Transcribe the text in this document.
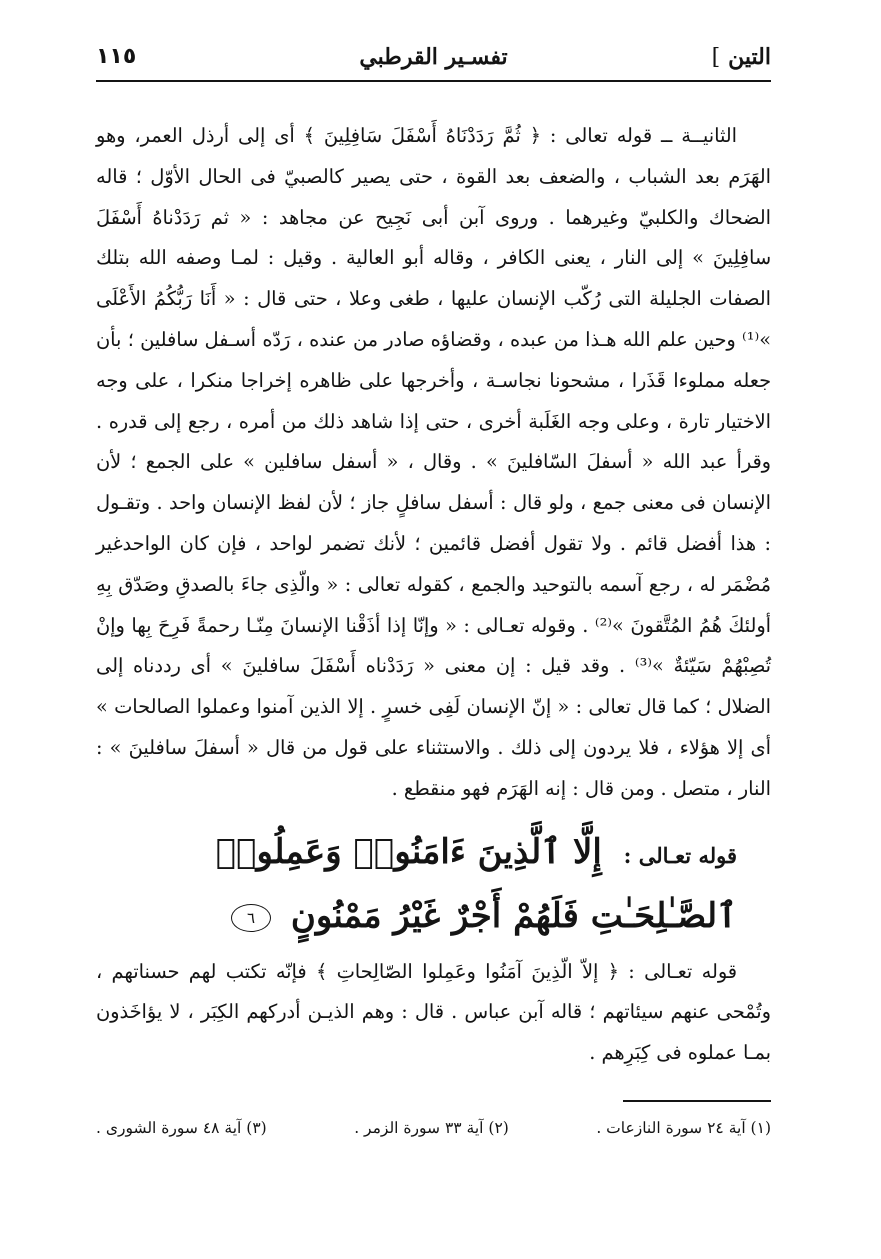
التين]
تفسـير القرطبي
١١٥

الثانيــة ــ قوله تعالى : ﴿ ثُمَّ رَدَدْنَاهُ أَسْفَلَ سَافِلِينَ ﴾ أى إلى أرذل العمر، وهو الهَرَم بعد الشباب ، والضعف بعد القوة ، حتى يصير كالصبيّ فى الحال الأوّل ؛ قاله الضحاك والكلبيّ وغيرهما . وروى آبن أبى نَجِيح عن مجاهد : « ثم رَدَدْناهُ أَسْفَلَ سافِلِينَ » إلى النار ، يعنى الكافر ، وقاله أبو العالية . وقيل : لمـا وصفه الله بتلك الصفات الجليلة التى رُكّب الإنسان عليها ، طغى وعلا ، حتى قال : « أَنَا رَبُّكُمُ الأَعْلَى »⁽¹⁾ وحين علم الله هـذا من عبده ، وقضاؤه صادر من عنده ، رَدّه أسـفل سافلين ؛ بأن جعله مملوءا قَذَرا ، مشحونا نجاسـة ، وأخرجها على ظاهره إخراجا منكرا ، على وجه الاختيار تارة ، وعلى وجه الغَلَبة أخرى ، حتى إذا شاهد ذلك من أمره ، رجع إلى قدره . وقرأ عبد الله « أسفلَ السّافلينَ » . وقال ، « أسفل سافلين » على الجمع ؛ لأن الإنسان فى معنى جمع ، ولو قال : أسفل سافلٍ جاز ؛ لأن لفظ الإنسان واحد . وتقـول : هذا أفضل قائم . ولا تقول أفضل قائمين ؛ لأنك تضمر لواحد ، فإن كان الواحدغير مُضْمَر له ، رجع آسمه بالتوحيد والجمع ، كقوله تعالى : « والّذِى جاءَ بالصدقِ وصَدّق بِهِ أولئكَ هُمُ المُتَّقونَ »⁽²⁾ . وقوله تعـالى : « وإنّا إذا أذَقْنا الإنسانَ مِنّـا رحمةً فَرِحَ بِها وإنْ تُصِبْهُمْ سَيّئةٌ »⁽³⁾ . وقد قيل : إن معنى « رَدَدْناه أَسْفَلَ سافلينَ » أى رددناه إلى الضلال ؛ كما قال تعالى : « إنّ الإنسان لَفِى خسرٍ . إلا الذين آمنوا وعملوا الصالحات » أى إلا هؤلاء ، فلا يردون إلى ذلك . والاستثناء على قول من قال « أسفلَ سافلينَ » : النار ، متصل . ومن قال : إنه الهَرَم فهو منقطع .

قوله تعـالى : إِلَّا ٱلَّذِينَ ءَامَنُوا۟ وَعَمِلُوا۟ ٱلصَّـٰلِحَـٰتِ فَلَهُمْ أَجْرٌ غَيْرُ مَمْنُونٍ ٦

قوله تعـالى : ﴿ إلاّ الّذِينَ آمَنُوا وعَمِلوا الصّالِحاتِ ﴾ فإنّه تكتب لهم حسناتهم ، وتُمْحى عنهم سيئاتهم ؛ قاله آبن عباس . قال : وهم الذيـن أدركهم الكِبَر ، لا يؤاخَذون بمـا عملوه فى كِبَرِهم .

(١) آية ٢٤ سورة النازعات .
(٢) آية ٣٣ سورة الزمر .
(٣) آية ٤٨ سورة الشورى .
